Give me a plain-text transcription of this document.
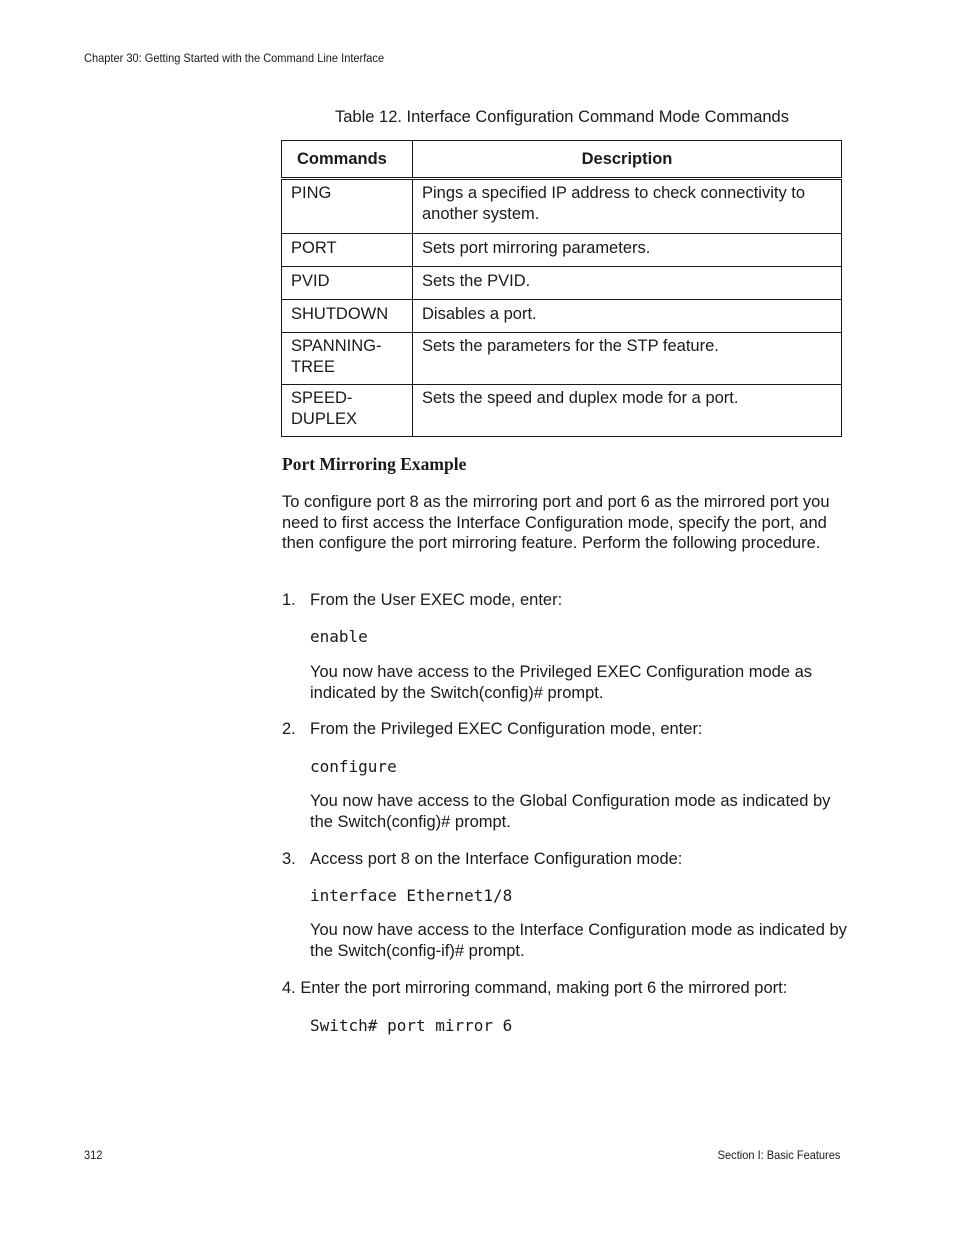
Chapter 30: Getting Started with the Command Line Interface
Table 12. Interface Configuration Command Mode Commands
Commands	Description
PING	Pings a specified IP address to check connectivity to another system.
PORT	Sets port mirroring parameters.
PVID	Sets the PVID.
SHUTDOWN	Disables a port.
SPANNING-TREE	Sets the parameters for the STP feature.
SPEED-DUPLEX	Sets the speed and duplex mode for a port.
Port Mirroring Example
To configure port 8 as the mirroring port and port 6 as the mirrored port you need to first access the Interface Configuration mode, specify the port, and then configure the port mirroring feature. Perform the following procedure.
1. From the User EXEC mode, enter:
enable
You now have access to the Privileged EXEC Configuration mode as indicated by the Switch(config)# prompt.
2. From the Privileged EXEC Configuration mode, enter:
configure
You now have access to the Global Configuration mode as indicated by the Switch(config)# prompt.
3. Access port 8 on the Interface Configuration mode:
interface Ethernet1/8
You now have access to the Interface Configuration mode as indicated by the Switch(config-if)# prompt.
4. Enter the port mirroring command, making port 6 the mirrored port:
Switch# port mirror 6
312	Section I: Basic Features
